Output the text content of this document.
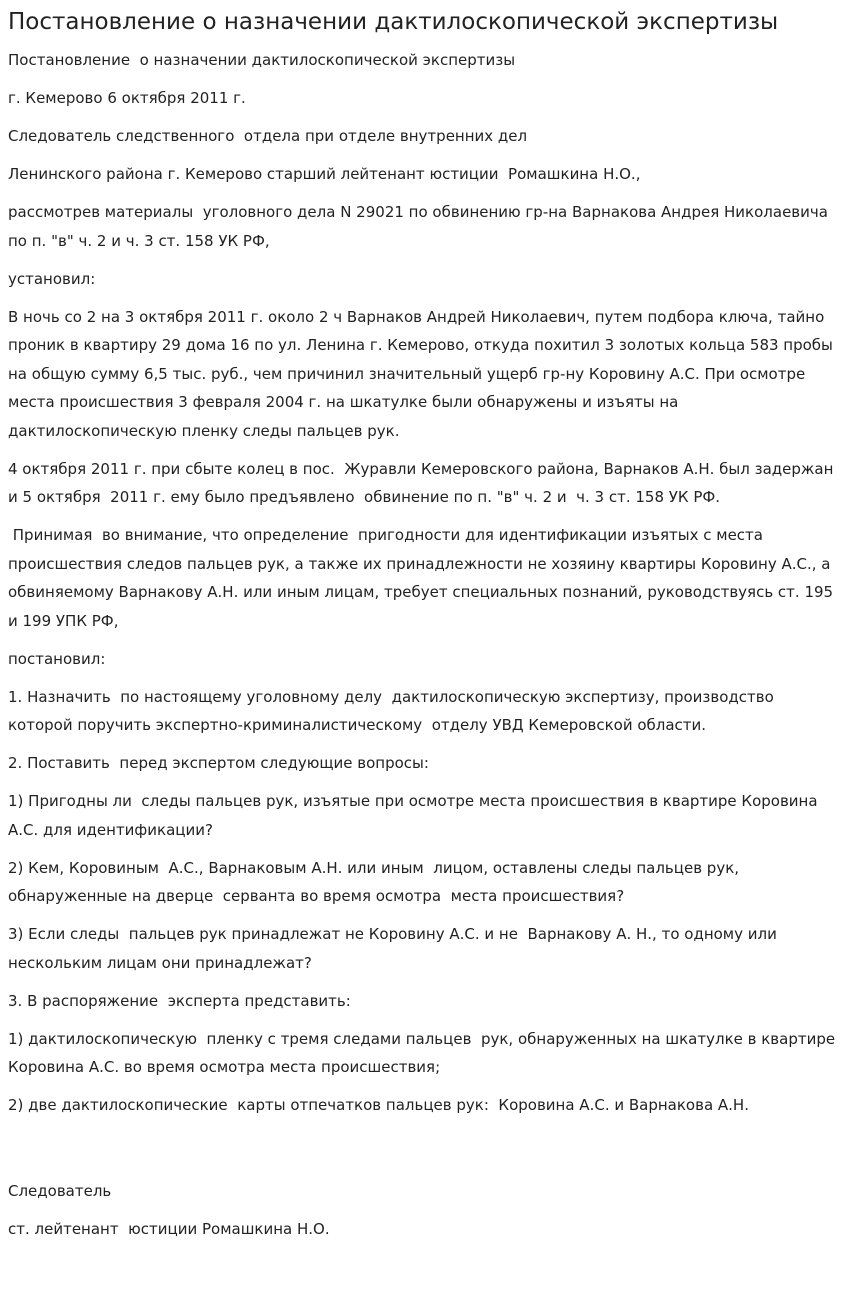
Постановление о назначении дактилоскопической экспертизы

Постановление  о назначении дактилоскопической экспертизы

г. Кемерово 6 октября 2011 г.

Следователь следственного  отдела при отделе внутренних дел

Ленинского района г. Кемерово старший лейтенант юстиции  Ромашкина Н.О.,

рассмотрев материалы  уголовного дела N 29021 по обвинению гр-на Варнакова Андрея Николаевича по п. "в" ч. 2 и ч. 3 ст. 158 УК РФ,

установил:

В ночь со 2 на 3 октября 2011 г. около 2 ч Варнаков Андрей Николаевич, путем подбора ключа, тайно проник в квартиру 29 дома 16 по ул. Ленина г. Кемерово, откуда похитил 3 золотых кольца 583 пробы на общую сумму 6,5 тыс. руб., чем причинил значительный ущерб гр-ну Коровину А.С. При осмотре места происшествия 3 февраля 2004 г. на шкатулке были обнаружены и изъяты на дактилоскопическую пленку следы пальцев рук.

4 октября 2011 г. при сбыте колец в пос.  Журавли Кемеровского района, Варнаков А.Н. был задержан и 5 октября  2011 г. ему было предъявлено  обвинение по п. "в" ч. 2 и  ч. 3 ст. 158 УК РФ.

Принимая  во внимание, что определение  пригодности для идентификации изъятых с места происшествия следов пальцев рук, а также их принадлежности не хозяину квартиры Коровину А.С., а обвиняемому Варнакову А.Н. или иным лицам, требует специальных познаний, руководствуясь ст. 195 и 199 УПК РФ,

постановил:

1. Назначить  по настоящему уголовному делу  дактилоскопическую экспертизу, производство которой поручить экспертно-криминалистическому  отделу УВД Кемеровской области.

2. Поставить  перед экспертом следующие вопросы:

1) Пригодны ли  следы пальцев рук, изъятые при осмотре места происшествия в квартире Коровина А.С. для идентификации?

2) Кем, Коровиным  А.С., Варнаковым А.Н. или иным  лицом, оставлены следы пальцев рук, обнаруженные на дверце  серванта во время осмотра  места происшествия?

3) Если следы  пальцев рук принадлежат не Коровину А.С. и не  Варнакову А. Н., то одному или нескольким лицам они принадлежат?

3. В распоряжение  эксперта представить:

1) дактилоскопическую  пленку с тремя следами пальцев  рук, обнаруженных на шкатулке в квартире Коровина А.С. во время осмотра места происшествия;

2) две дактилоскопические  карты отпечатков пальцев рук:  Коровина А.С. и Варнакова А.Н.

Следователь

ст. лейтенант  юстиции Ромашкина Н.О.
